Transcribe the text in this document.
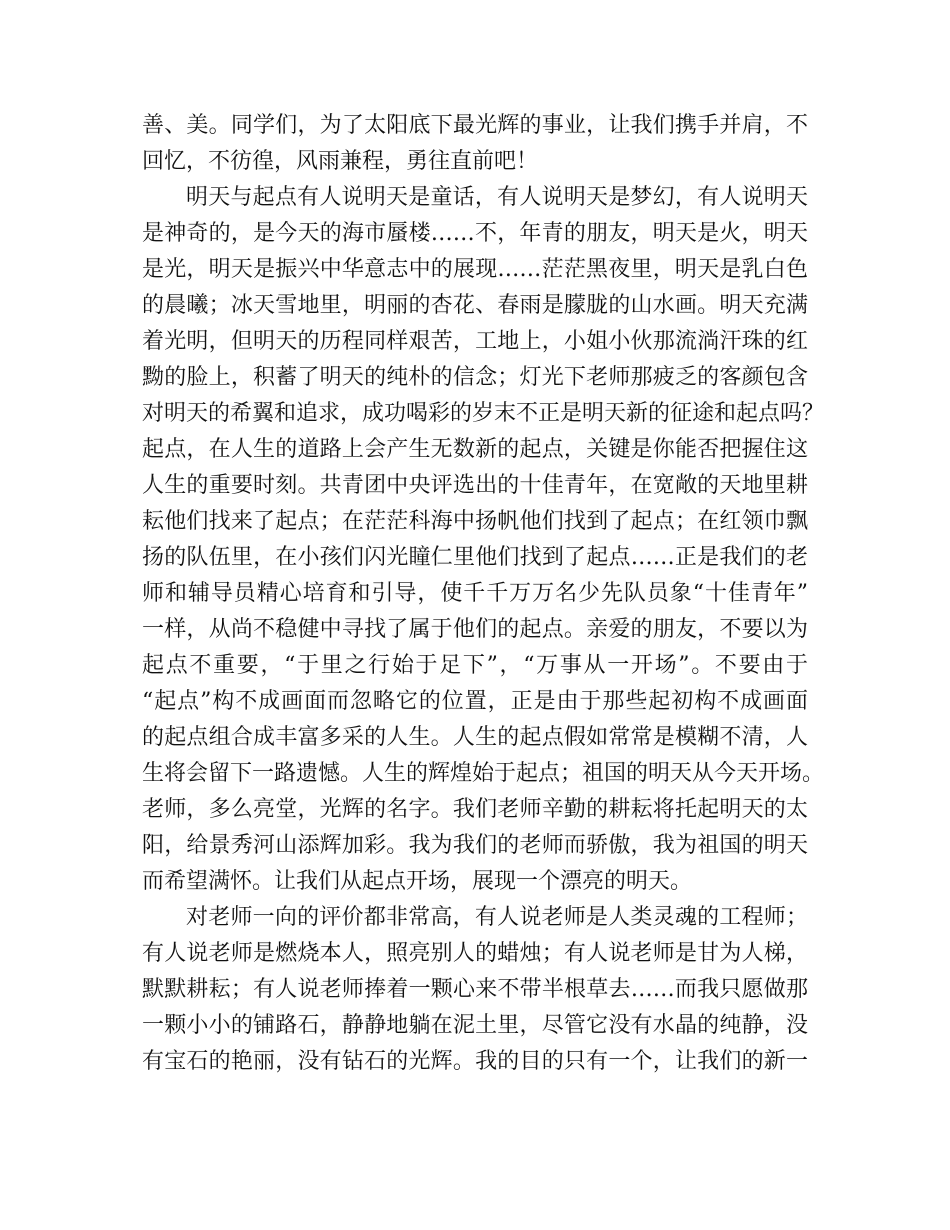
善、美。同学们，为了太阳底下最光辉的事业，让我们携手并肩，不
回忆，不彷徨，风雨兼程，勇往直前吧！
明天与起点有人说明天是童话，有人说明天是梦幻，有人说明天
是神奇的，是今天的海市蜃楼……不，年青的朋友，明天是火，明天
是光，明天是振兴中华意志中的展现……茫茫黑夜里，明天是乳白色
的晨曦；冰天雪地里，明丽的杏花、春雨是朦胧的山水画。明天充满
着光明，但明天的历程同样艰苦，工地上，小姐小伙那流淌汗珠的红
黝的脸上，积蓄了明天的纯朴的信念；灯光下老师那疲乏的客颜包含
对明天的希翼和追求，成功喝彩的岁末不正是明天新的征途和起点吗？
起点，在人生的道路上会产生无数新的起点，关键是你能否把握住这
人生的重要时刻。共青团中央评选出的十佳青年，在宽敞的天地里耕
耘他们找来了起点；在茫茫科海中扬帆他们找到了起点；在红领巾飘
扬的队伍里，在小孩们闪光瞳仁里他们找到了起点……正是我们的老
师和辅导员精心培育和引导，使千千万万名少先队员象“十佳青年”
一样，从尚不稳健中寻找了属于他们的起点。亲爱的朋友，不要以为
起点不重要，“于里之行始于足下”，“万事从一开场”。不要由于
“起点”构不成画面而忽略它的位置，正是由于那些起初构不成画面
的起点组合成丰富多采的人生。人生的起点假如常常是模糊不清，人
生将会留下一路遗憾。人生的辉煌始于起点；祖国的明天从今天开场。
老师，多么亮堂，光辉的名字。我们老师辛勤的耕耘将托起明天的太
阳，给景秀河山添辉加彩。我为我们的老师而骄傲，我为祖国的明天
而希望满怀。让我们从起点开场，展现一个漂亮的明天。
对老师一向的评价都非常高，有人说老师是人类灵魂的工程师；
有人说老师是燃烧本人，照亮别人的蜡烛；有人说老师是甘为人梯，
默默耕耘；有人说老师捧着一颗心来不带半根草去……而我只愿做那
一颗小小的铺路石，静静地躺在泥土里，尽管它没有水晶的纯静，没
有宝石的艳丽，没有钻石的光辉。我的目的只有一个，让我们的新一
